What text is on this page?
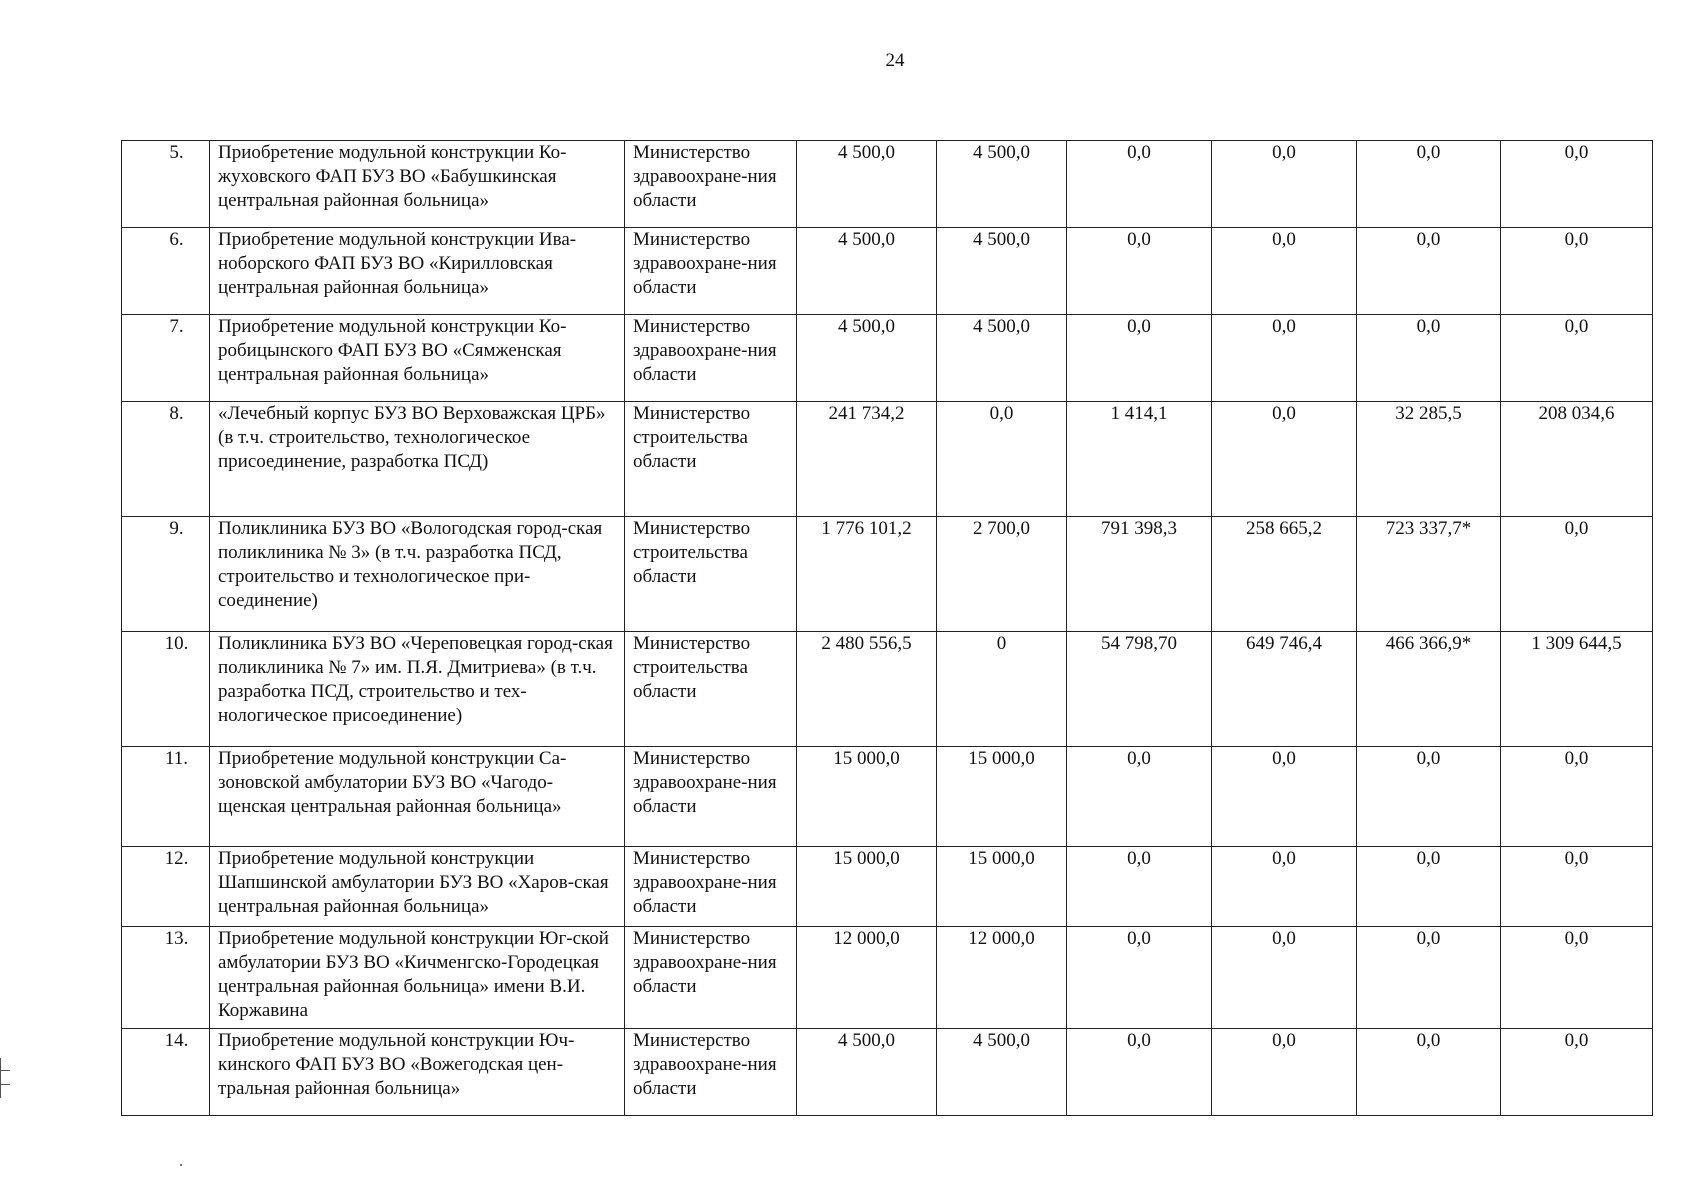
24
5.	Приобретение модульной конструкции Ко-жуховского ФАП БУЗ ВО «Бабушкинская центральная районная больница»	Министерство здравоохране-ния области	4 500,0	4 500,0	0,0	0,0	0,0	0,0
6.	Приобретение модульной конструкции Ива-ноборского ФАП БУЗ ВО «Кирилловская центральная районная больница»	Министерство здравоохране-ния области	4 500,0	4 500,0	0,0	0,0	0,0	0,0
7.	Приобретение модульной конструкции Ко-робицынского ФАП БУЗ ВО «Сямженская центральная районная больница»	Министерство здравоохране-ния области	4 500,0	4 500,0	0,0	0,0	0,0	0,0
8.	«Лечебный корпус БУЗ ВО Верховажская ЦРБ» (в т.ч. строительство, технологическое присоединение, разработка ПСД)	Министерство строительства области	241 734,2	0,0	1 414,1	0,0	32 285,5	208 034,6
9.	Поликлиника БУЗ ВО «Вологодская город-ская поликлиника № 3» (в т.ч. разработка ПСД, строительство и технологическое при-соединение)	Министерство строительства области	1 776 101,2	2 700,0	791 398,3	258 665,2	723 337,7*	0,0
10.	Поликлиника БУЗ ВО «Череповецкая город-ская поликлиника № 7» им. П.Я. Дмитриева» (в т.ч. разработка ПСД, строительство и тех-нологическое присоединение)	Министерство строительства области	2 480 556,5	0	54 798,70	649 746,4	466 366,9*	1 309 644,5
11.	Приобретение модульной конструкции Са-зоновской амбулатории БУЗ ВО «Чагодо-щенская центральная районная больница»	Министерство здравоохране-ния области	15 000,0	15 000,0	0,0	0,0	0,0	0,0
12.	Приобретение модульной конструкции Шапшинской амбулатории БУЗ ВО «Харов-ская центральная районная больница»	Министерство здравоохране-ния области	15 000,0	15 000,0	0,0	0,0	0,0	0,0
13.	Приобретение модульной конструкции Юг-ской амбулатории БУЗ ВО «Кичменгско-Городецкая центральная районная больница» имени В.И. Коржавина	Министерство здравоохране-ния области	12 000,0	12 000,0	0,0	0,0	0,0	0,0
14.	Приобретение модульной конструкции Юч-кинского ФАП БУЗ ВО «Вожегодская цен-тральная районная больница»	Министерство здравоохране-ния области	4 500,0	4 500,0	0,0	0,0	0,0	0,0
